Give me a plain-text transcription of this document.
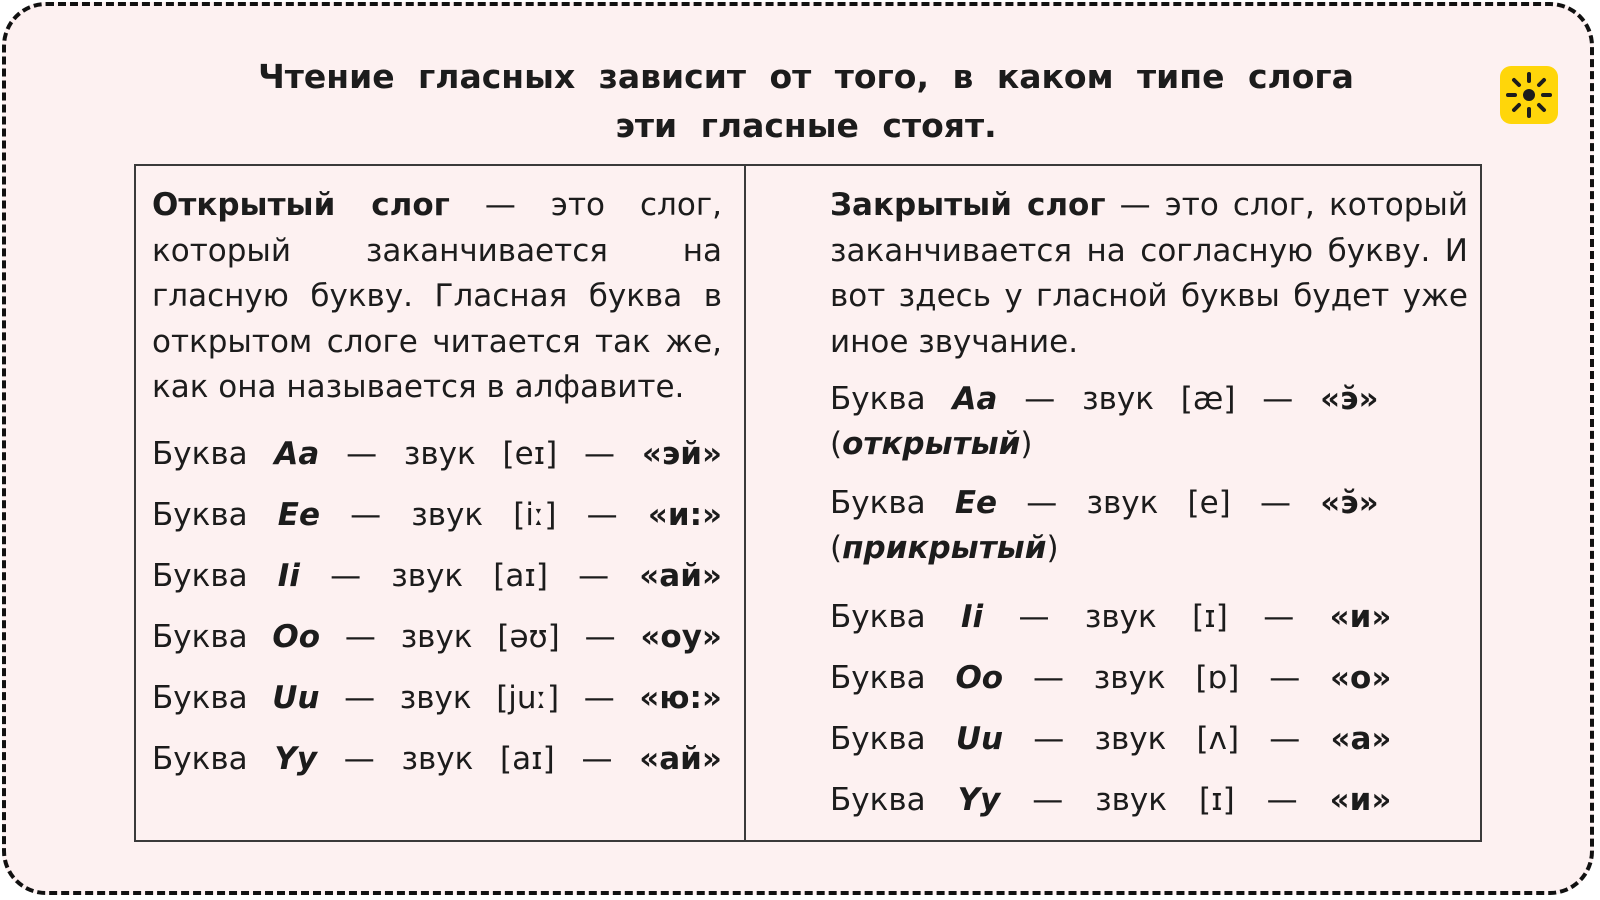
Чтение гласных зависит от того, в каком типе слога
эти гласные стоят.

Открытый слог — это слог, который заканчивается на гласную букву. Гласная буква в открытом слоге читается так же, как она называется в алфавите.

Буква Aa — звук [eɪ] — «эй»
Буква Ee — звук [iː] — «и:»
Буква Ii — звук [aɪ] — «ай»
Буква Oo — звук [əʊ] — «оу»
Буква Uu — звук [juː] — «ю:»
Буква Yy — звук [aɪ] — «ай»

Закрытый слог — это слог, который заканчивается на согласную букву. И вот здесь у гласной буквы будет уже иное звучание.

Буква Aa — звук [æ] — «э̆»
(открытый)
Буква Ee — звук [e] — «э̆»
(прикрытый)
Буква Ii — звук [ɪ] — «и»
Буква Oo — звук [ɒ] — «о»
Буква Uu — звук [ʌ] — «а»
Буква Yy — звук [ɪ] — «и»
